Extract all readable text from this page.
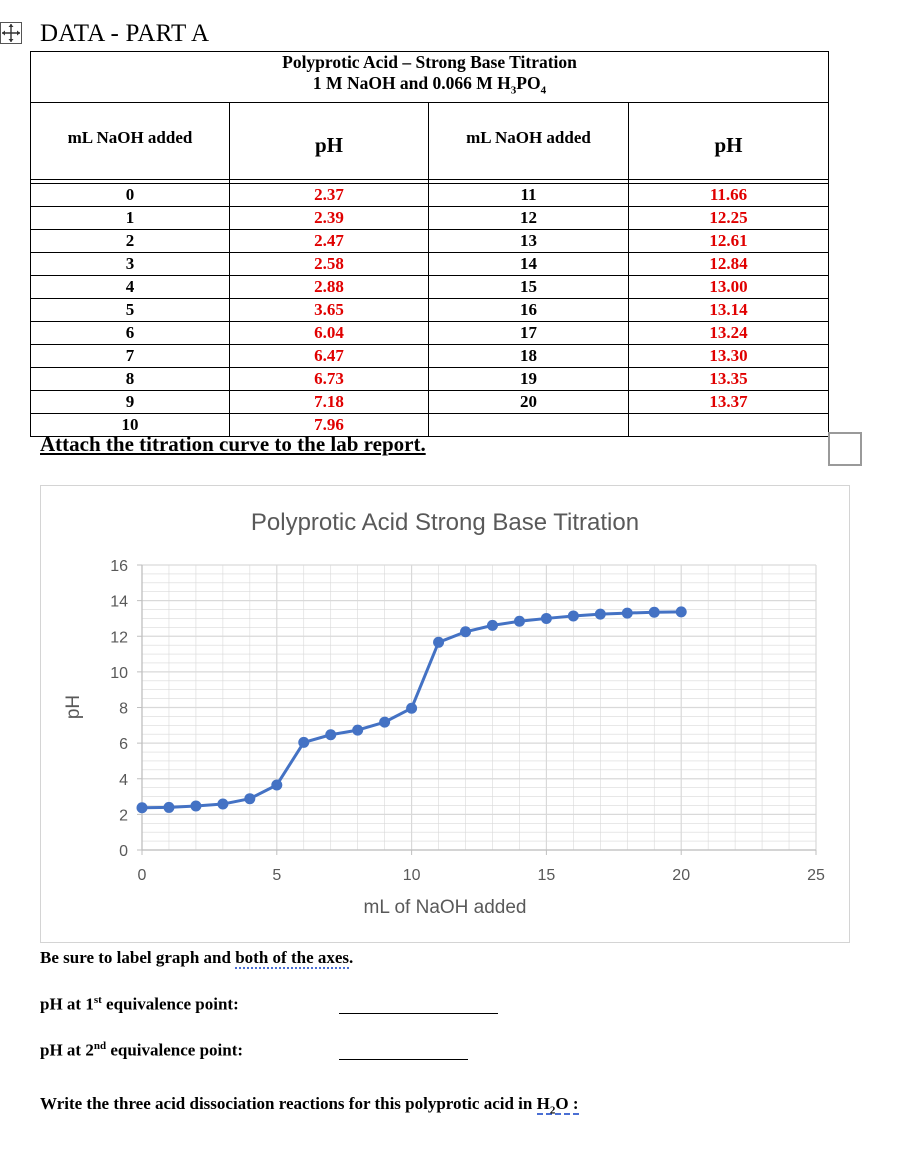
DATA - PART A
Polyprotic Acid – Strong Base Titration
1 M NaOH and 0.066 M $H_3PO_4$

mL NaOH added	pH	mL NaOH added	pH

0	2.37	11	11.66
1	2.39	12	12.25
2	2.47	13	12.61
3	2.58	14	12.84
4	2.88	15	13.00
5	3.65	16	13.14
6	6.04	17	13.24
7	6.47	18	13.30
8	6.73	19	13.35
9	7.18	20	13.37
10	7.96		
Attach the titration curve to the lab report.
Polyprotic Acid Strong Base Titration
0	5	10	15	20	25
0
2
4
6
8
10
12
14
16
mL of NaOH added
pH
Be sure to label graph and both of the axes.
pH at 1st equivalence point:
pH at 2nd equivalence point:
Write the three acid dissociation reactions for this polyprotic acid in $H_2O$ :
